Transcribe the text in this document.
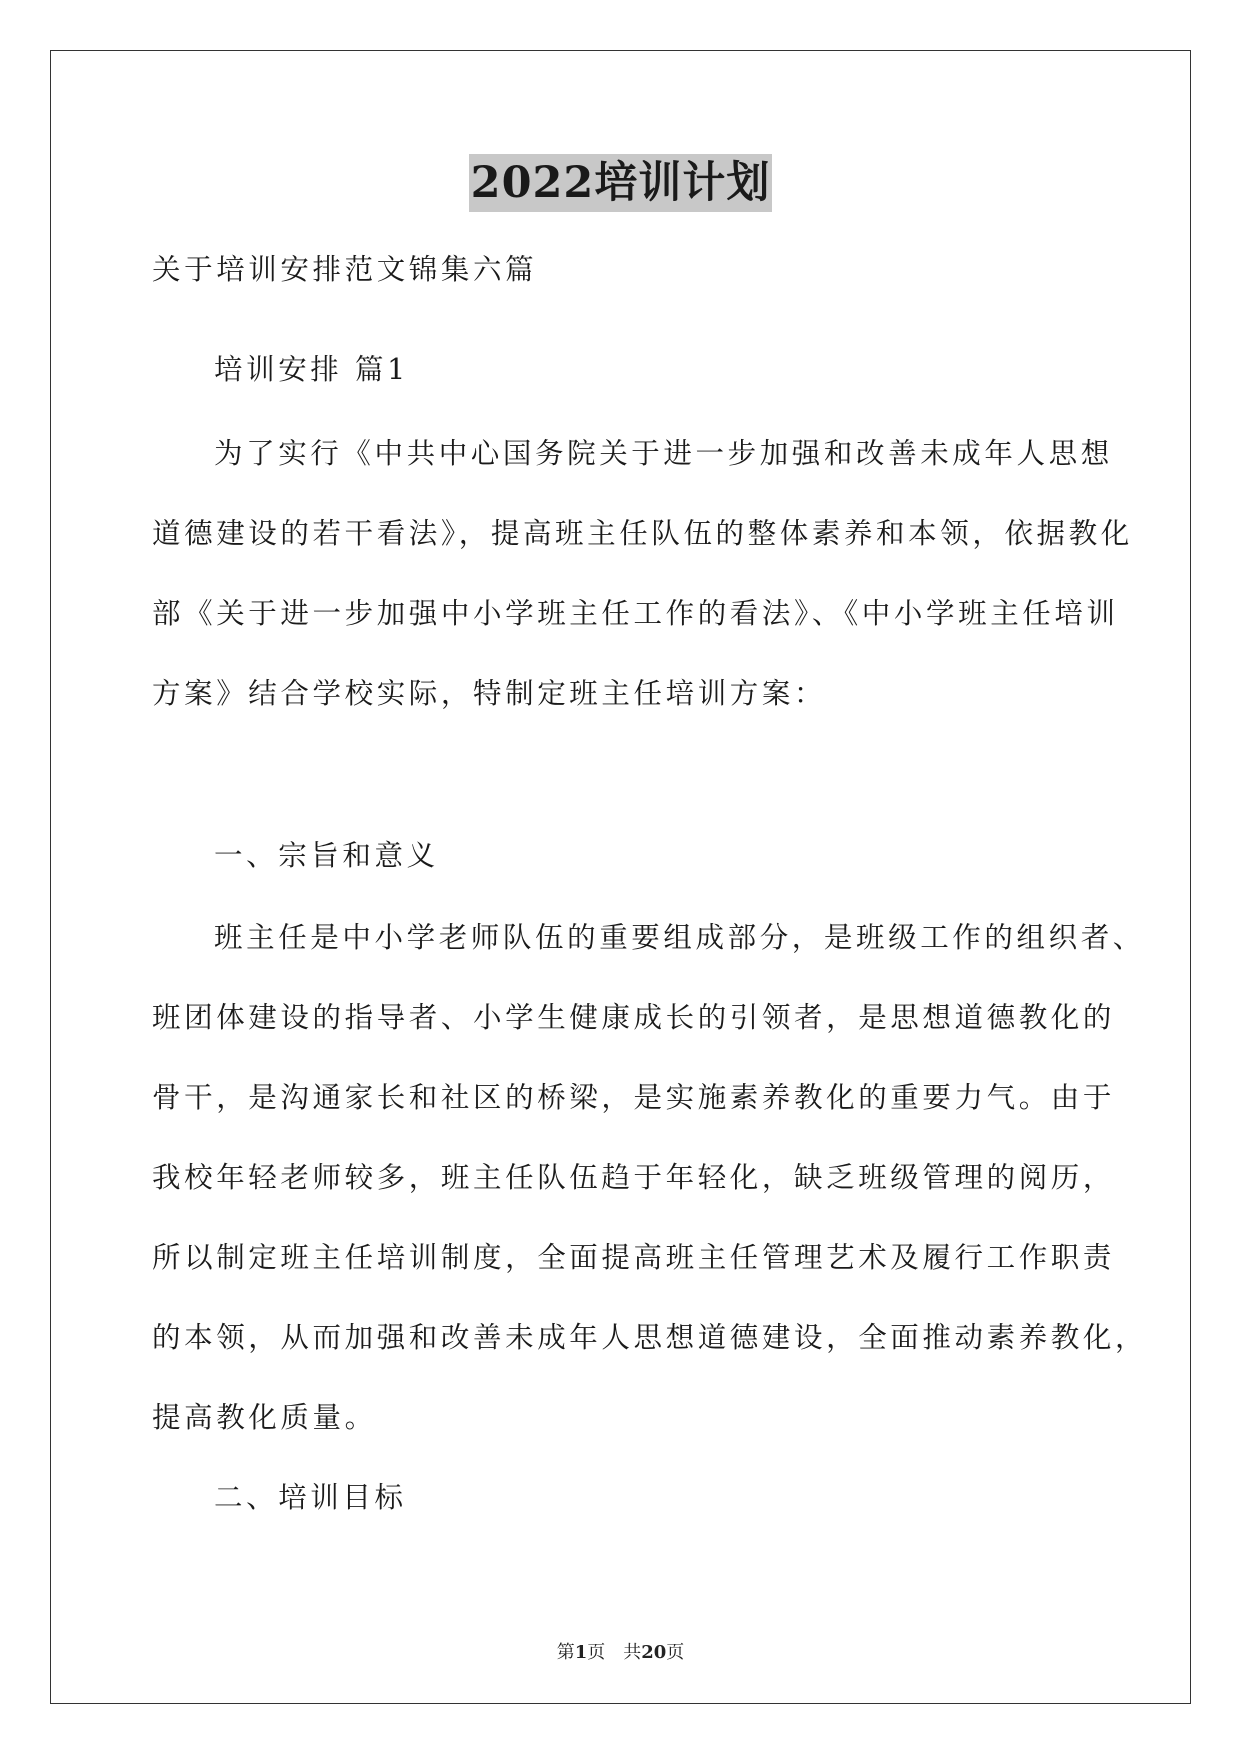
2022培训计划
关于培训安排范文锦集六篇
培训安排 篇1
为了实行《中共中心国务院关于进一步加强和改善未成年人思想
道德建设的若干看法》，提高班主任队伍的整体素养和本领，依据教化
部《关于进一步加强中小学班主任工作的看法》、《中小学班主任培训
方案》结合学校实际，特制定班主任培训方案：
一、宗旨和意义
班主任是中小学老师队伍的重要组成部分，是班级工作的组织者、
班团体建设的指导者、小学生健康成长的引领者，是思想道德教化的
骨干，是沟通家长和社区的桥梁，是实施素养教化的重要力气。由于
我校年轻老师较多，班主任队伍趋于年轻化，缺乏班级管理的阅历，
所以制定班主任培训制度，全面提高班主任管理艺术及履行工作职责
的本领，从而加强和改善未成年人思想道德建设，全面推动素养教化，
提高教化质量。
二、培训目标
第1页　共20页
